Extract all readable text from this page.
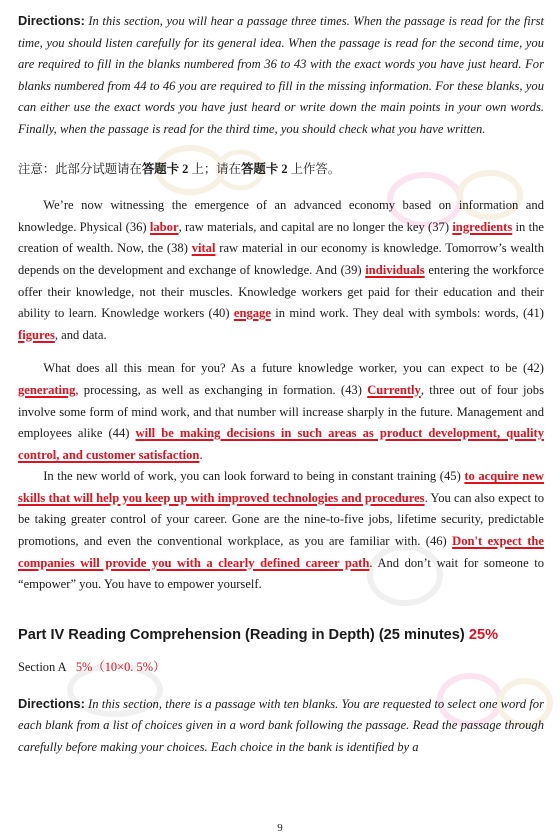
Directions: In this section, you will hear a passage three times. When the passage is read for the first time, you should listen carefully for its general idea. When the passage is read for the second time, you are required to fill in the blanks numbered from 36 to 43 with the exact words you have just heard. For blanks numbered from 44 to 46 you are required to fill in the missing information. For these blanks, you can either use the exact words you have just heard or write down the main points in your own words. Finally, when the passage is read for the third time, you should check what you have written.

注意：此部分试题请在答题卡 2 上；请在答题卡 2 上作答。

We’re now witnessing the emergence of an advanced economy based on information and knowledge. Physical (36) labor, raw materials, and capital are no longer the key (37) ingredients in the creation of wealth. Now, the (38) vital raw material in our economy is knowledge. Tomorrow’s wealth depends on the development and exchange of knowledge. And (39) individuals entering the workforce offer their knowledge, not their muscles. Knowledge workers get paid for their education and their ability to learn. Knowledge workers (40) engage in mind work. They deal with symbols: words, (41) figures, and data.

What does all this mean for you? As a future knowledge worker, you can expect to be (42) generating, processing, as well as exchanging in formation. (43) Currently, three out of four jobs involve some form of mind work, and that number will increase sharply in the future. Management and employees alike (44) will be making decisions in such areas as product development, quality control, and customer satisfaction.

In the new world of work, you can look forward to being in constant training (45) to acquire new skills that will help you keep up with improved technologies and procedures. You can also expect to be taking greater control of your career. Gone are the nine-to-five jobs, lifetime security, predictable promotions, and even the conventional workplace, as you are familiar with. (46) Don't expect the companies will provide you with a clearly defined career path. And don’t wait for someone to “empower” you. You have to empower yourself.

Part IV Reading Comprehension (Reading in Depth) (25 minutes) 25%
Section A 5%（10×0. 5%）

Directions: In this section, there is a passage with ten blanks. You are requested to select one word for each blank from a list of choices given in a word bank following the passage. Read the passage through carefully before making your choices. Each choice in the bank is identified by a

9
